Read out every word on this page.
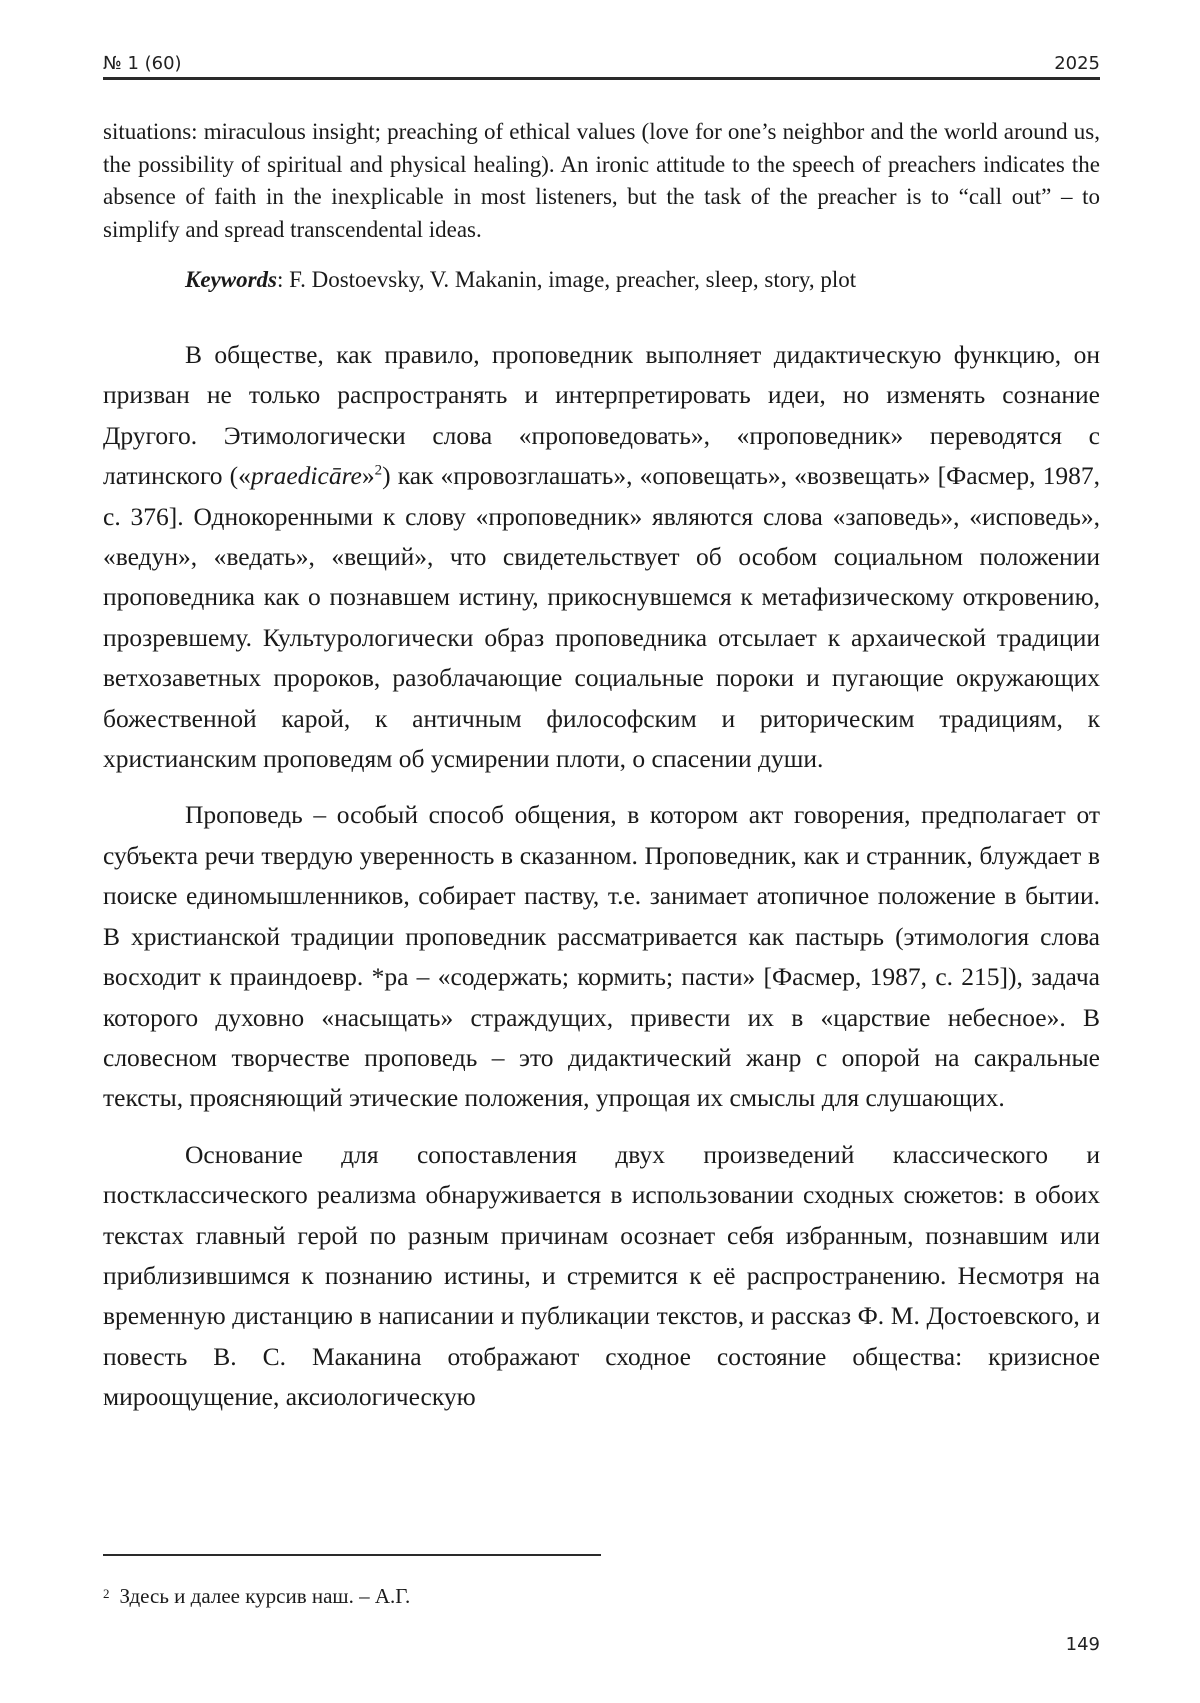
№ 1 (60)	2025

situations: miraculous insight; preaching of ethical values (love for one’s neighbor and the world around us, the possibility of spiritual and physical healing). An ironic attitude to the speech of preachers indicates the absence of faith in the inexplicable in most listeners, but the task of the preacher is to “call out” – to simplify and spread transcendental ideas.

Keywords: F. Dostoevsky, V. Makanin, image, preacher, sleep, story, plot

В обществе, как правило, проповедник выполняет дидактическую функцию, он призван не только распространять и интерпретировать идеи, но изменять сознание Другого. Этимологически слова «проповедовать», «проповедник» переводятся с латинского («praedicāre»$^2$) как «провозглашать», «оповещать», «возвещать» [Фасмер, 1987, с. 376]. Однокоренными к слову «проповедник» являются слова «заповедь», «исповедь», «ведун», «ведать», «вещий», что свидетельствует об особом социальном положении проповедника как о познавшем истину, прикоснувшемся к метафизическому откровению, прозревшему. Культурологически образ проповедника отсылает к архаической традиции ветхозаветных пророков, разоблачающие социальные пороки и пугающие окружающих божественной карой, к античным философским и риторическим традициям, к христианским проповедям об усмирении плоти, о спасении души.

Проповедь – особый способ общения, в котором акт говорения, предполагает от субъекта речи твердую уверенность в сказанном. Проповедник, как и странник, блуждает в поиске единомышленников, собирает паству, т.е. занимает атопичное положение в бытии. В христианской традиции проповедник рассматривается как пастырь (этимология слова восходит к праиндоевр. *pa – «содержать; кормить; пасти» [Фасмер, 1987, с. 215]), задача которого духовно «насыщать» страждущих, привести их в «царствие небесное». В словесном творчестве проповедь – это дидактический жанр с опорой на сакральные тексты, проясняющий этические положения, упрощая их смыслы для слушающих.

Основание для сопоставления двух произведений классического и постклассического реализма обнаруживается в использовании сходных сюжетов: в обоих текстах главный герой по разным причинам осознает себя избранным, познавшим или приблизившимся к познанию истины, и стремится к её распространению. Несмотря на временную дистанцию в написании и публикации текстов, и рассказ Ф. М. Достоевского, и повесть В. С. Маканина отображают сходное состояние общества: кризисное мироощущение, аксиологическую

$^2$ Здесь и далее курсив наш. – А.Г.
149
